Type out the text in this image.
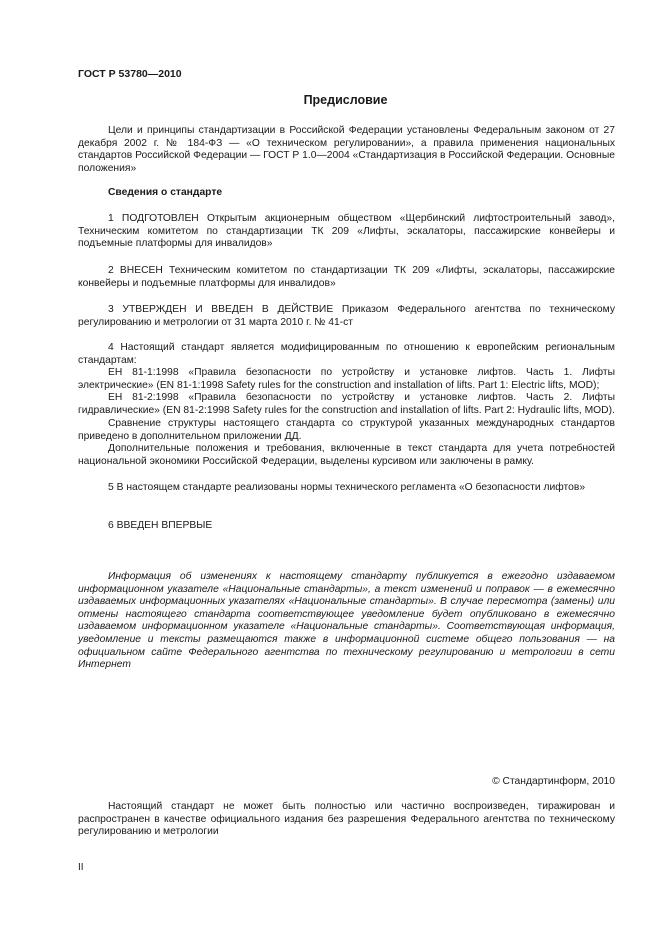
ГОСТ Р 53780—2010
Предисловие
Цели и принципы стандартизации в Российской Федерации установлены Федеральным законом от 27 декабря 2002 г. № 184-ФЗ — «О техническом регулировании», а правила применения национальных стандартов Российской Федерации — ГОСТ Р 1.0—2004 «Стандартизация в Российской Федерации. Основные положения»
Сведения о стандарте
1 ПОДГОТОВЛЕН Открытым акционерным обществом «Щербинский лифтостроительный завод», Техническим комитетом по стандартизации ТК 209 «Лифты, эскалаторы, пассажирские конвейеры и подъемные платформы для инвалидов»
2 ВНЕСЕН Техническим комитетом по стандартизации ТК 209 «Лифты, эскалаторы, пассажирские конвейеры и подъемные платформы для инвалидов»
3 УТВЕРЖДЕН И ВВЕДЕН В ДЕЙСТВИЕ Приказом Федерального агентства по техническому регулированию и метрологии от 31 марта 2010 г. № 41-ст
4 Настоящий стандарт является модифицированным по отношению к европейским региональным стандартам:
ЕН 81-1:1998 «Правила безопасности по устройству и установке лифтов. Часть 1. Лифты электрические» (EN 81-1:1998 Safety rules for the construction and installation of lifts. Part 1: Electric lifts, MOD);
ЕН 81-2:1998 «Правила безопасности по устройству и установке лифтов. Часть 2. Лифты гидравлические» (EN 81-2:1998 Safety rules for the construction and installation of lifts. Part 2: Hydraulic lifts, MOD).
Сравнение структуры настоящего стандарта со структурой указанных международных стандартов приведено в дополнительном приложении ДД.
Дополнительные положения и требования, включенные в текст стандарта для учета потребностей национальной экономики Российской Федерации, выделены курсивом или заключены в рамку.
5 В настоящем стандарте реализованы нормы технического регламента «О безопасности лифтов»
6 ВВЕДЕН ВПЕРВЫЕ
Информация об изменениях к настоящему стандарту публикуется в ежегодно издаваемом информационном указателе «Национальные стандарты», а текст изменений и поправок — в ежемесячно издаваемых информационных указателях «Национальные стандарты». В случае пересмотра (замены) или отмены настоящего стандарта соответствующее уведомление будет опубликовано в ежемесячно издаваемом информационном указателе «Национальные стандарты». Соответствующая информация, уведомление и тексты размещаются также в информационной системе общего пользования — на официальном сайте Федерального агентства по техническому регулированию и метрологии в сети Интернет
© Стандартинформ, 2010
Настоящий стандарт не может быть полностью или частично воспроизведен, тиражирован и распространен в качестве официального издания без разрешения Федерального агентства по техническому регулированию и метрологии
II
